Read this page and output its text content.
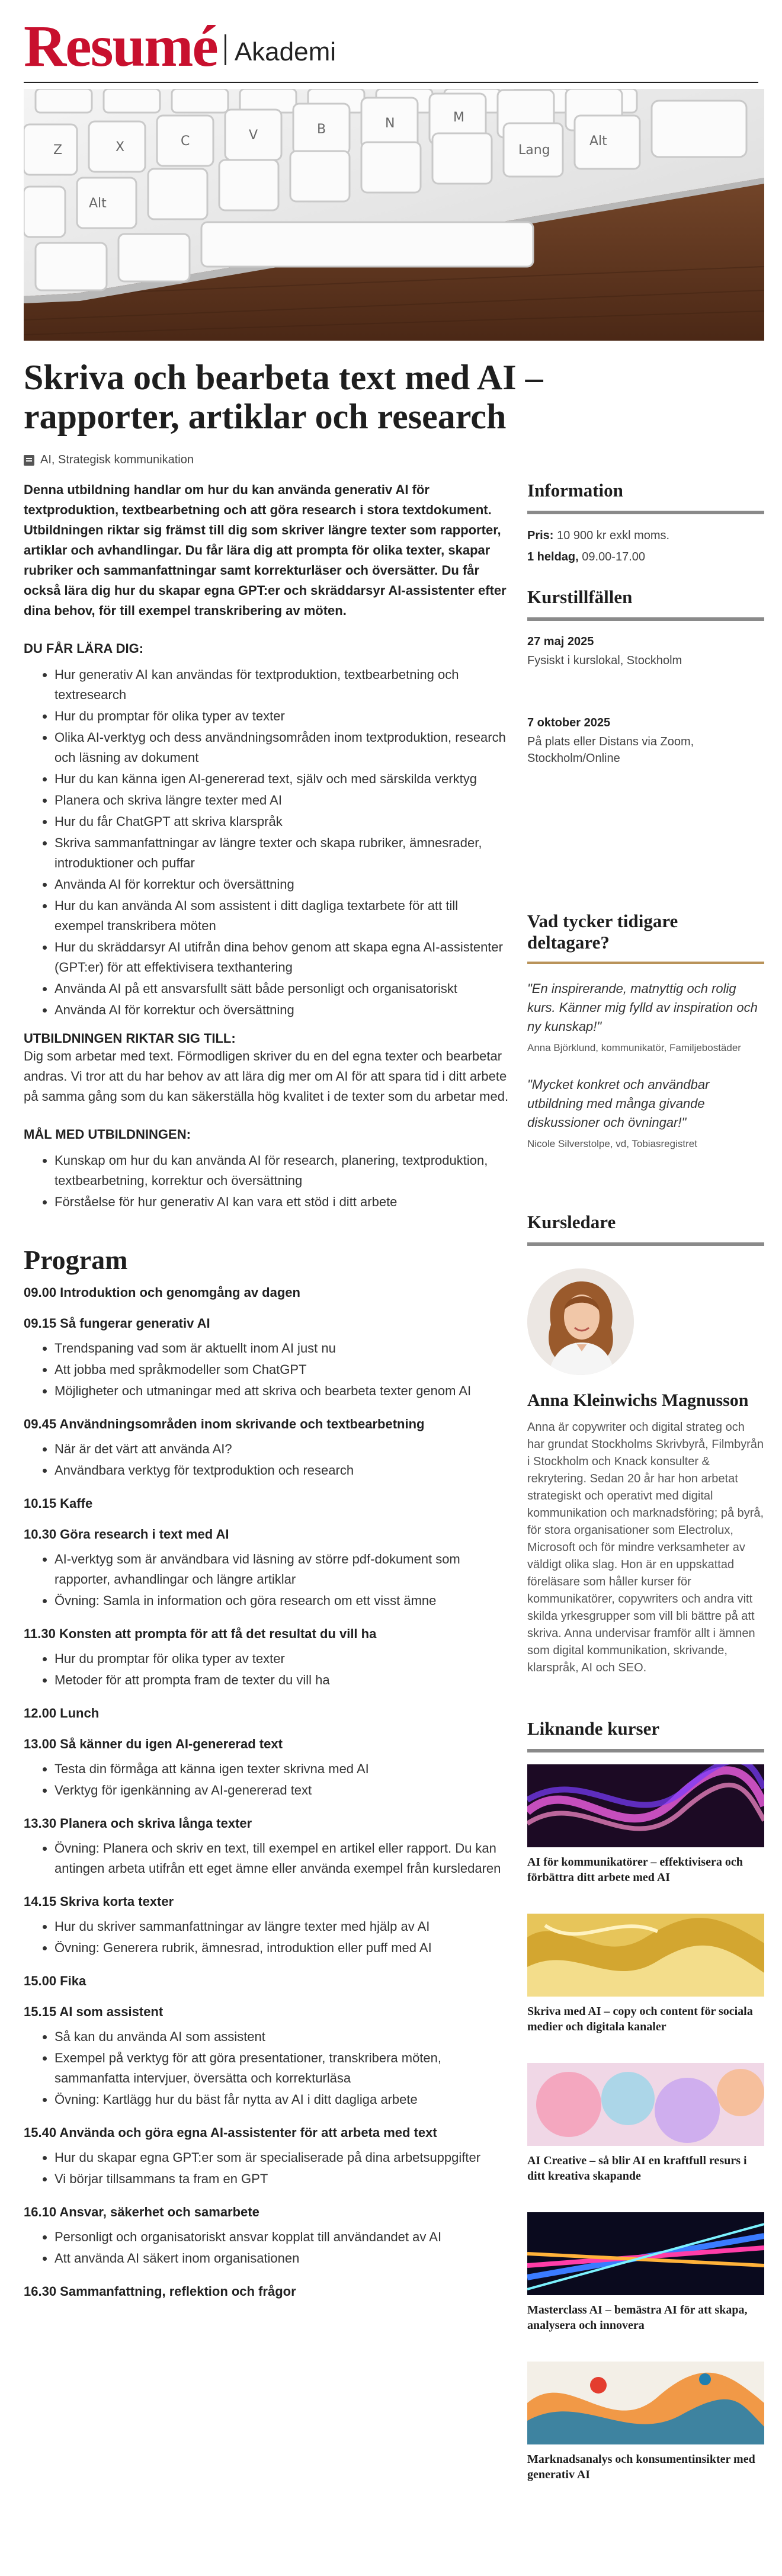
Resumé Akademi
Z	X	C	V	B	N	M
Alt
Lang
Alt
Skriva och bearbeta text med AI –
rapporter, artiklar och research
AI, Strategisk kommunikation

Denna utbildning handlar om hur du kan använda generativ AI för textproduktion, textbearbetning och att göra research i stora textdokument. Utbildningen riktar sig främst till dig som skriver längre texter som rapporter, artiklar och avhandlingar. Du får lära dig att prompta för olika texter, skapar rubriker och sammanfattningar samt korrekturläser och översätter. Du får också lära dig hur du skapar egna GPT:er och skräddarsyr AI-assistenter efter dina behov, för till exempel transkribering av möten.

DU FÅR LÄRA DIG:
• Hur generativ AI kan användas för textproduktion, textbearbetning och textresearch
• Hur du promptar för olika typer av texter
• Olika AI-verktyg och dess användningsområden inom textproduktion, research och läsning av dokument
• Hur du kan känna igen AI-genererad text, själv och med särskilda verktyg
• Planera och skriva längre texter med AI
• Hur du får ChatGPT att skriva klarspråk
• Skriva sammanfattningar av längre texter och skapa rubriker, ämnesrader, introduktioner och puffar
• Använda AI för korrektur och översättning
• Hur du kan använda AI som assistent i ditt dagliga textarbete för att till exempel transkribera möten
• Hur du skräddarsyr AI utifrån dina behov genom att skapa egna AI-assistenter (GPT:er) för att effektivisera texthantering
• Använda AI på ett ansvarsfullt sätt både personligt och organisatoriskt
• Använda AI för korrektur och översättning
UTBILDNINGEN RIKTAR SIG TILL:

Dig som arbetar med text. Förmodligen skriver du en del egna texter och bearbetar andras. Vi tror att du har behov av att lära dig mer om AI för att spara tid i ditt arbete på samma gång som du kan säkerställa hög kvalitet i de texter som du arbetar med.

MÅL MED UTBILDNINGEN:
• Kunskap om hur du kan använda AI för research, planering, textproduktion, textbearbetning, korrektur och översättning
• Förståelse för hur generativ AI kan vara ett stöd i ditt arbete
Program
09.00 Introduktion och genomgång av dagen
09.15 Så fungerar generativ AI
• Trendspaning vad som är aktuellt inom AI just nu
• Att jobba med språkmodeller som ChatGPT
• Möjligheter och utmaningar med att skriva och bearbeta texter genom AI
09.45 Användningsområden inom skrivande och textbearbetning
• När är det värt att använda AI?
• Användbara verktyg för textproduktion och research
10.15 Kaffe
10.30 Göra research i text med AI
• AI-verktyg som är användbara vid läsning av större pdf-dokument som rapporter, avhandlingar och längre artiklar
• Övning: Samla in information och göra research om ett visst ämne
11.30 Konsten att prompta för att få det resultat du vill ha
• Hur du promptar för olika typer av texter
• Metoder för att prompta fram de texter du vill ha
12.00 Lunch
13.00 Så känner du igen AI-genererad text
• Testa din förmåga att känna igen texter skrivna med AI
• Verktyg för igenkänning av AI-genererad text
13.30 Planera och skriva långa texter
• Övning: Planera och skriv en text, till exempel en artikel eller rapport. Du kan antingen arbeta utifrån ett eget ämne eller använda exempel från kursledaren
14.15 Skriva korta texter
• Hur du skriver sammanfattningar av längre texter med hjälp av AI
• Övning: Generera rubrik, ämnesrad, introduktion eller puff med AI
15.00 Fika
15.15 AI som assistent
• Så kan du använda AI som assistent
• Exempel på verktyg för att göra presentationer, transkribera möten, sammanfatta intervjuer, översätta och korrekturläsa
• Övning: Kartlägg hur du bäst får nytta av AI i ditt dagliga arbete
15.40 Använda och göra egna AI-assistenter för att arbeta med text
• Hur du skapar egna GPT:er som är specialiserade på dina arbetsuppgifter
• Vi börjar tillsammans ta fram en GPT
16.10 Ansvar, säkerhet och samarbete
• Personligt och organisatoriskt ansvar kopplat till användandet av AI
• Att använda AI säkert inom organisationen
16.30 Sammanfattning, reflektion och frågor
Information
Pris: 10 900 kr exkl moms.
1 heldag, 09.00-17.00
Kurstillfällen
27 maj 2025
Fysiskt i kurslokal, Stockholm
7 oktober 2025
På plats eller Distans via Zoom, Stockholm/Online
Vad tycker tidigare deltagare?
"En inspirerande, matnyttig och rolig kurs. Känner mig fylld av inspiration och ny kunskap!"
Anna Björklund, kommunikatör, Familjebostäder
"Mycket konkret och användbar utbildning med många givande diskussioner och övningar!"
Nicole Silverstolpe, vd, Tobiasregistret
Kursledare
Anna Kleinwichs Magnusson

Anna är copywriter och digital strateg och har grundat Stockholms Skrivbyrå, Filmbyrån i Stockholm och Knack konsulter & rekrytering. Sedan 20 år har hon arbetat strategiskt och operativt med digital kommunikation och marknadsföring; på byrå, för stora organisationer som Electrolux, Microsoft och för mindre verksamheter av väldigt olika slag. Hon är en uppskattad föreläsare som håller kurser för kommunikatörer, copywriters och andra vitt skilda yrkesgrupper som vill bli bättre på att skriva. Anna undervisar framför allt i ämnen som digital kommunikation, skrivande, klarspråk, AI och SEO.

Liknande kurser
AI för kommunikatörer – effektivisera och förbättra ditt arbete med AI
Skriva med AI – copy och content för sociala medier och digitala kanaler
AI Creative – så blir AI en kraftfull resurs i ditt kreativa skapande
Masterclass AI – bemästra AI för att skapa, analysera och innovera
Marknadsanalys och konsumentinsikter med generativ AI
